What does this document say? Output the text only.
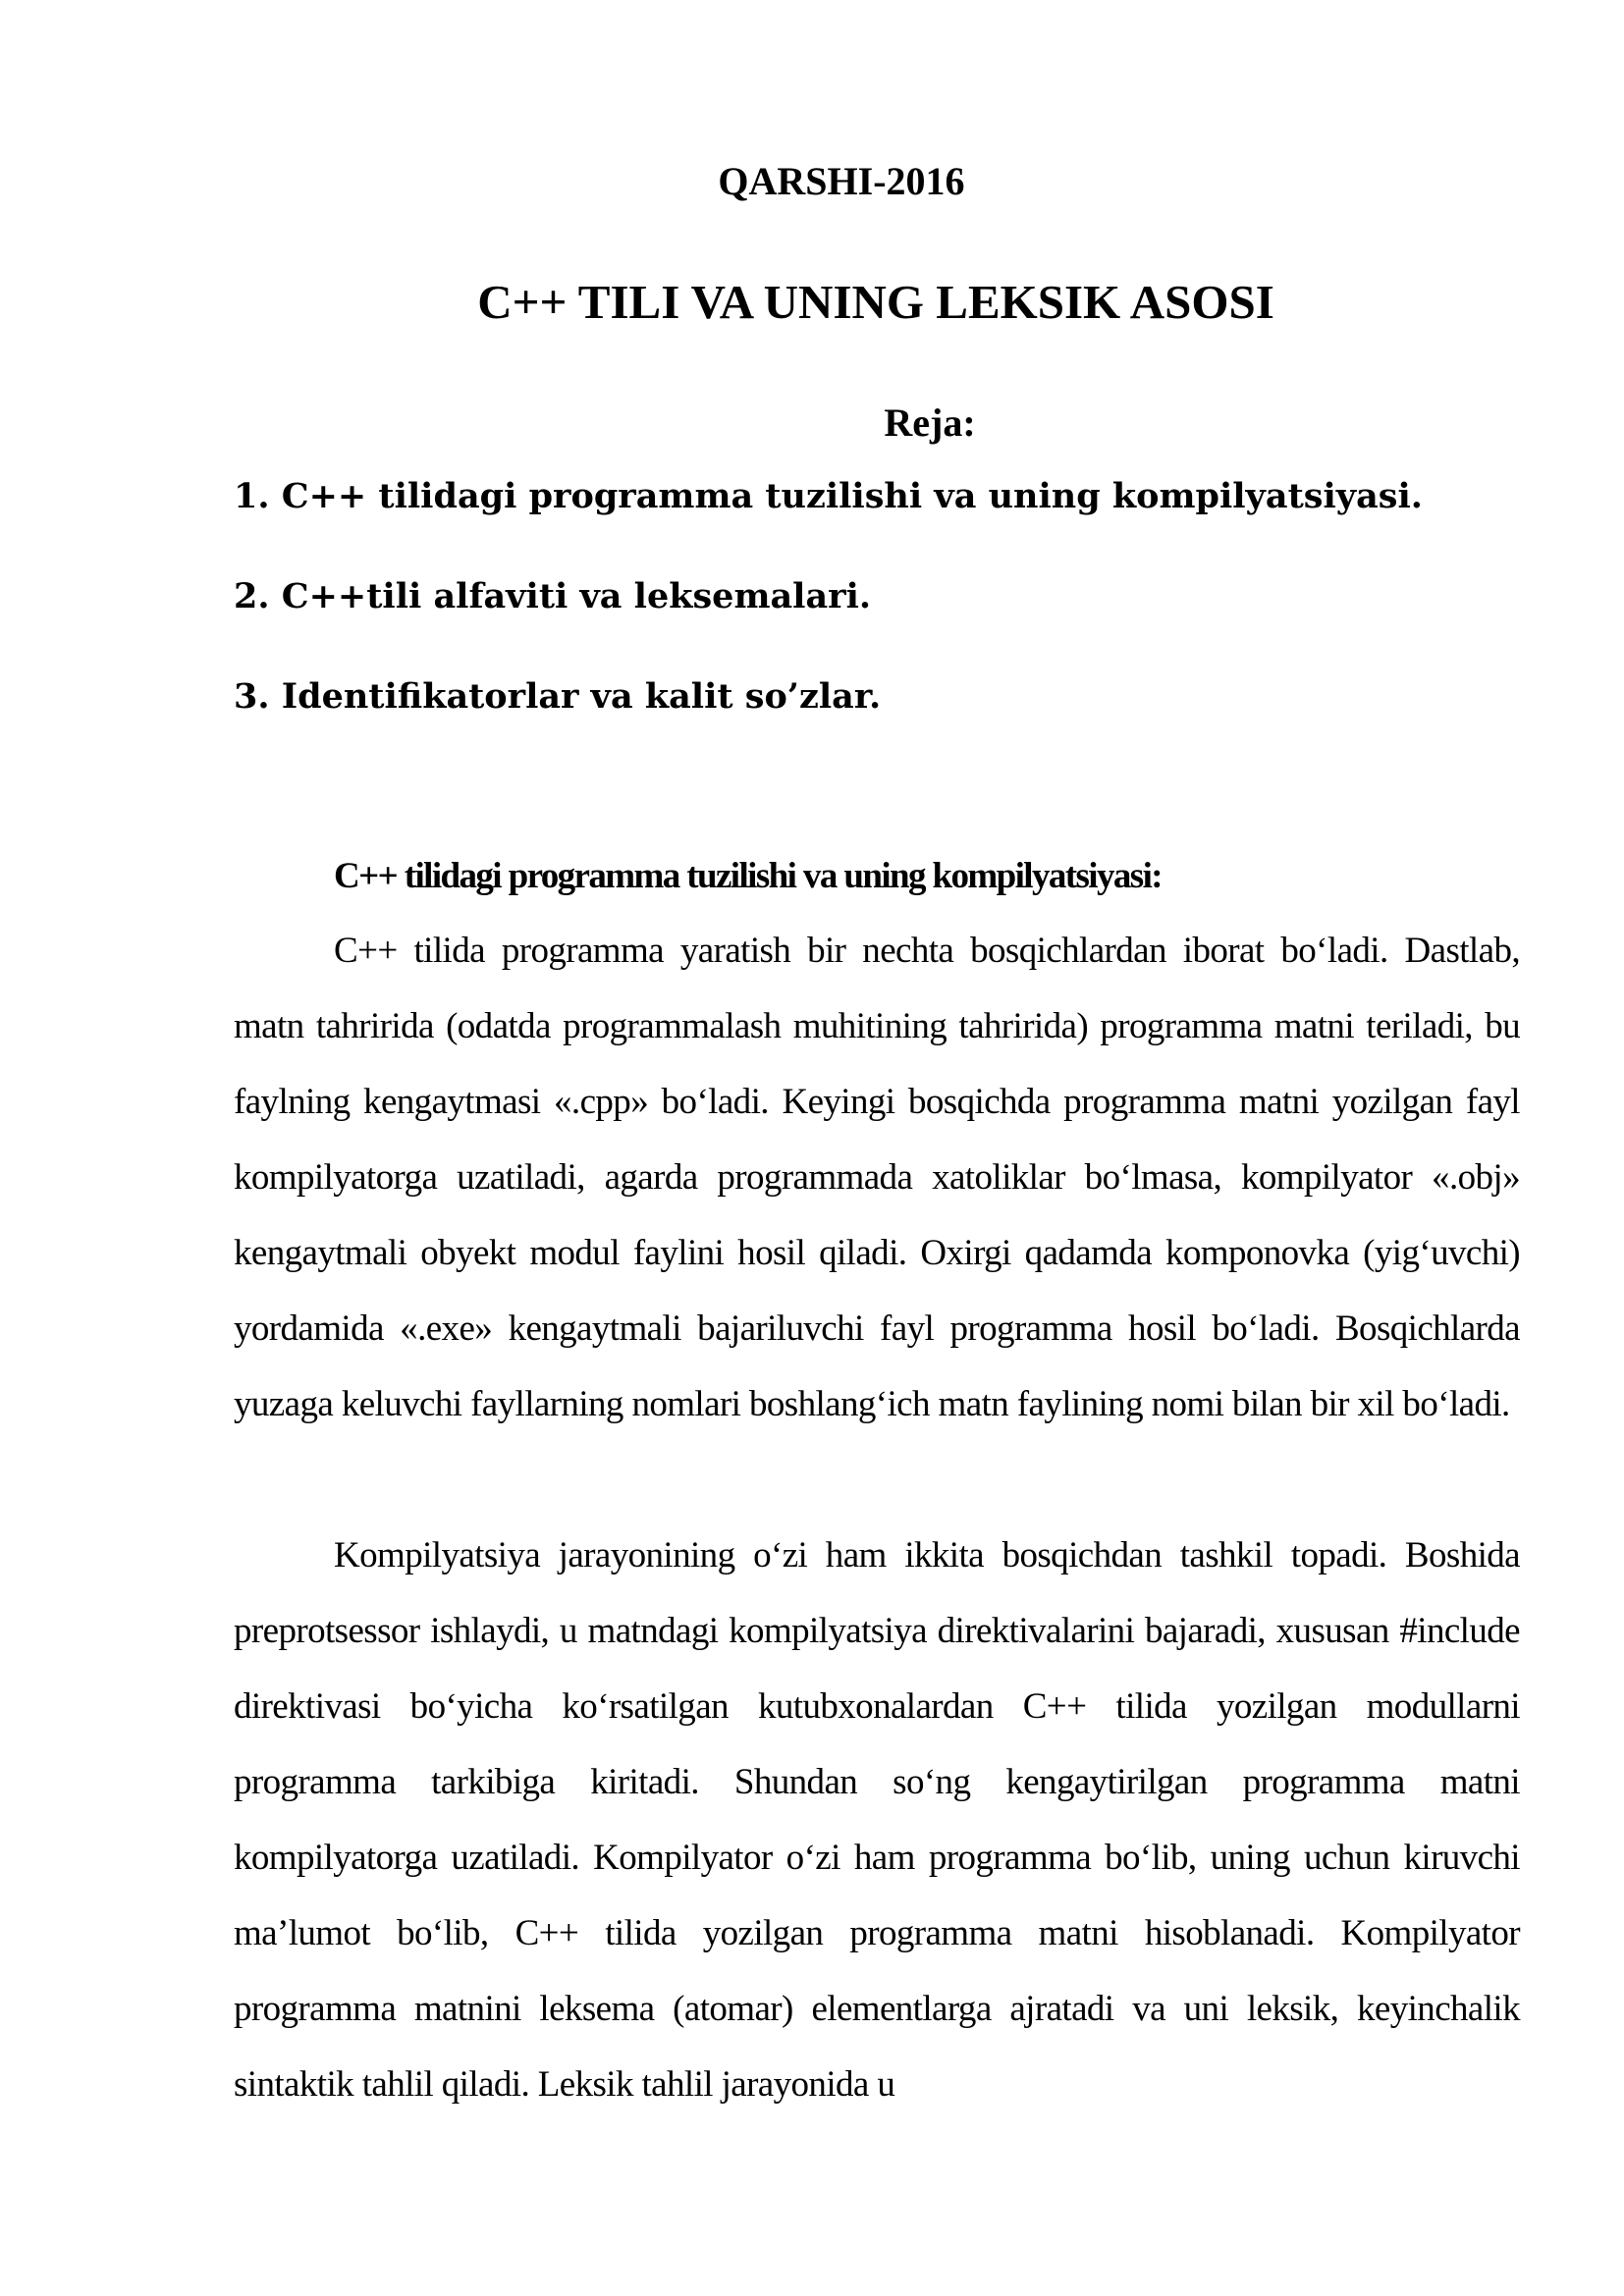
QARSHI-2016
C++ TILI VA UNING LEKSIK ASOSI
Reja:
1. C++ tilidagi programma tuzilishi va uning kompilyatsiyasi.
2. C++tili alfaviti va leksemalari.
3. Identifikatorlar va kalit so’zlar.
C++ tilidagi programma tuzilishi va uning kompilyatsiyasi:

C++ tilida programma yaratish bir nechta bosqichlardan iborat bo‘ladi. Dastlab, matn tahririda (odatda programmalash muhitining tahririda) programma matni teriladi, bu faylning kengaytmasi «.cpp» bo‘ladi. Keyingi bosqichda programma matni yozilgan fayl kompilyatorga uzatiladi, agarda programmada xatoliklar bo‘lmasa, kompilyator «.obj» kengaytmali obyekt modul faylini hosil qiladi. Oxirgi qadamda komponovka (yig‘uvchi) yordamida «.exe» kengaytmali bajariluvchi fayl programma hosil bo‘ladi. Bosqichlarda yuzaga keluvchi fayllarning nomlari boshlang‘ich matn faylining nomi bilan bir xil bo‘ladi.

Kompilyatsiya jarayonining o‘zi ham ikkita bosqichdan tashkil topadi. Boshida preprotsessor ishlaydi, u matndagi kompilyatsiya direktivalarini bajaradi, xususan #include direktivasi bo‘yicha ko‘rsatilgan kutubxonalardan C++ tilida yozilgan modullarni programma tarkibiga kiritadi. Shundan so‘ng kengaytirilgan programma matni kompilyatorga uzatiladi. Kompilyator o‘zi ham programma bo‘lib, uning uchun kiruvchi ma’lumot bo‘lib, C++ tilida yozilgan programma matni hisoblanadi. Kompilyator programma matnini leksema (atomar) elementlarga ajratadi va uni leksik, keyinchalik sintaktik tahlil qiladi. Leksik tahlil jarayonida u
